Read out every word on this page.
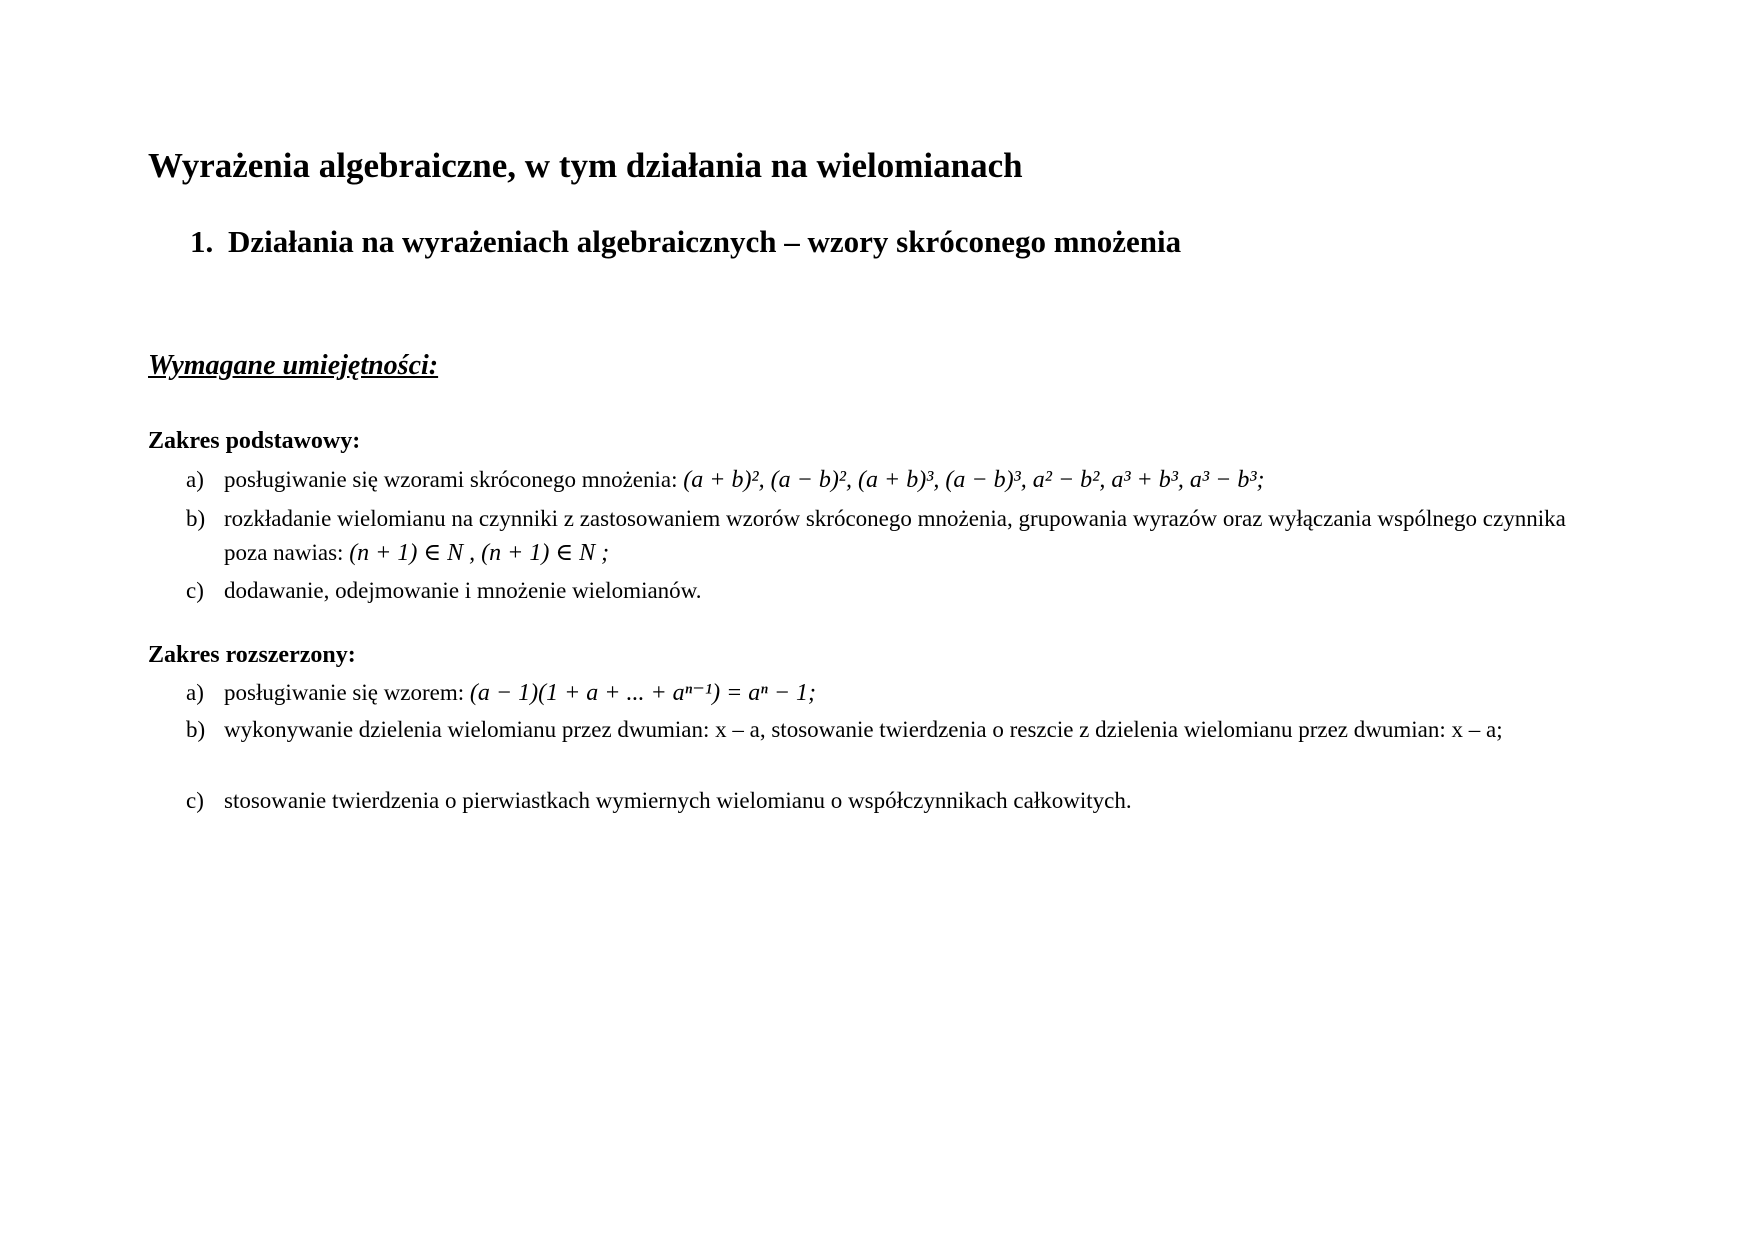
Wyrażenia algebraiczne, w tym działania na wielomianach
1. Działania na wyrażeniach algebraicznych – wzory skróconego mnożenia
Wymagane umiejętności:
Zakres podstawowy:
a) posługiwanie się wzorami skróconego mnożenia: (a + b)², (a − b)², (a + b)³, (a − b)³, a² − b², a³ + b³, a³ − b³;
b) rozkładanie wielomianu na czynniki z zastosowaniem wzorów skróconego mnożenia, grupowania wyrazów oraz wyłączania wspólnego czynnika poza nawias: (n + 1) ∈ N , (n + 1) ∈ N ;
c) dodawanie, odejmowanie i mnożenie wielomianów.
Zakres rozszerzony:
a) posługiwanie się wzorem: (a − 1)(1 + a + ... + aⁿ⁻¹) = aⁿ − 1;
b) wykonywanie dzielenia wielomianu przez dwumian: x – a, stosowanie twierdzenia o reszcie z dzielenia wielomianu przez dwumian: x – a;
c) stosowanie twierdzenia o pierwiastkach wymiernych wielomianu o współczynnikach całkowitych.
